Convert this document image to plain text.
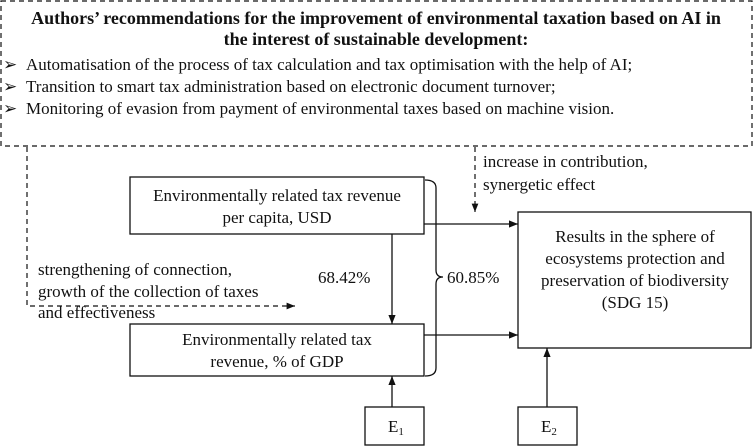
Authors’ recommendations for the improvement of environmental taxation based on AI in
the interest of sustainable development:
➢ Automatisation of the process of tax calculation and tax optimisation with the help of AI;
➢ Transition to smart tax administration based on electronic document turnover;
➢ Monitoring of evasion from payment of environmental taxes based on machine vision.
increase in contribution,
synergetic effect
strengthening of connection,
growth of the collection of taxes
and effectiveness
Environmentally related tax revenue
per capita, USD
Environmentally related tax
revenue, % of GDP
Results in the sphere of
ecosystems protection and
preservation of biodiversity
(SDG 15)
E1	E2
68.42%	60.85%
